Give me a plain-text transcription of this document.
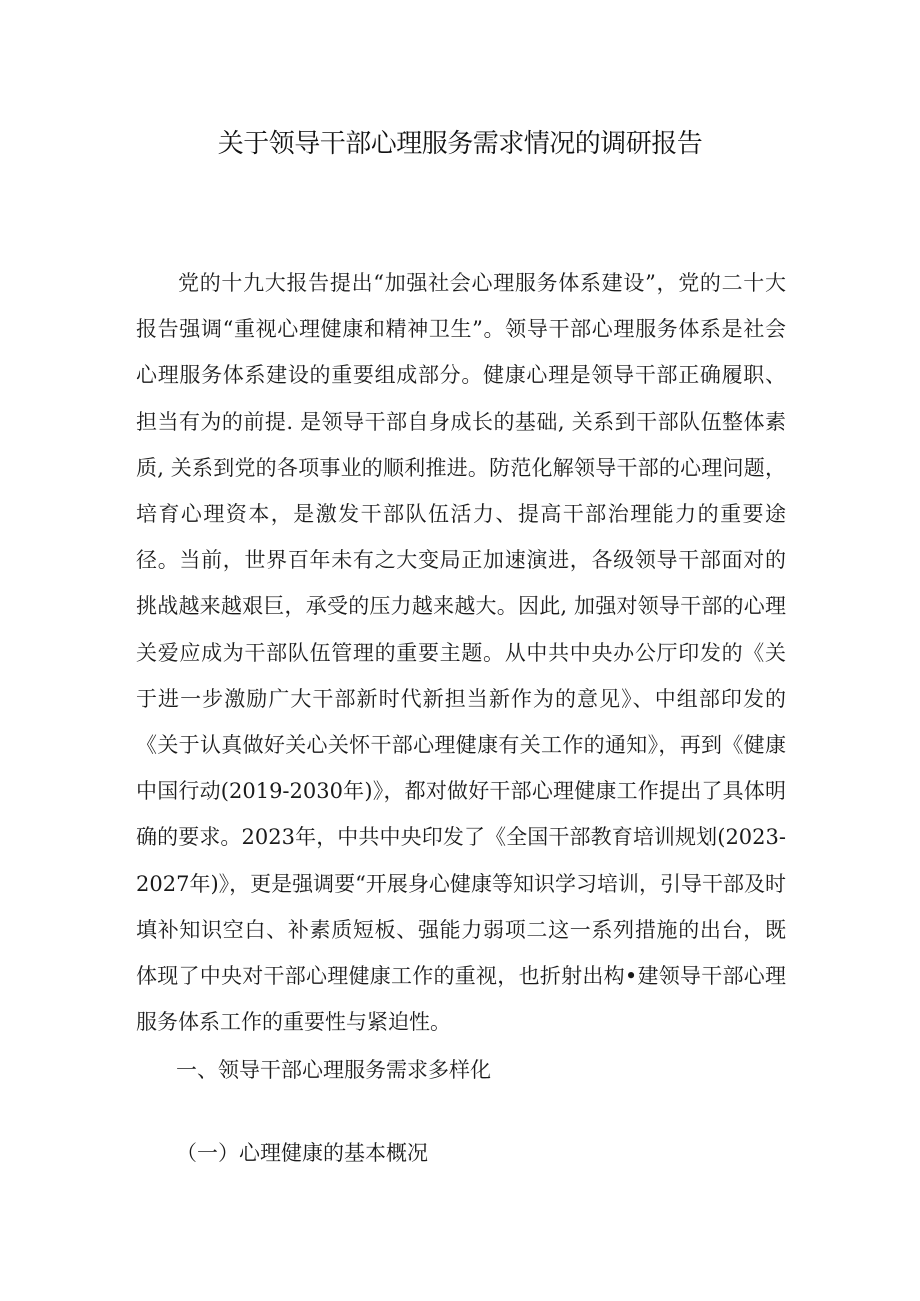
关于领导干部心理服务需求情况的调研报告

党的十九大报告提出“加强社会心理服务体系建设”，党的二十大报告强调“重视心理健康和精神卫生”。领导干部心理服务体系是社会心理服务体系建设的重要组成部分。健康心理是领导干部正确履职、担当有为的前提. 是领导干部自身成长的基础, 关系到干部队伍整体素质, 关系到党的各项事业的顺利推进。防范化解领导干部的心理问题，培育心理资本，是激发干部队伍活力、提高干部治理能力的重要途径。当前，世界百年未有之大变局正加速演进，各级领导干部面对的挑战越来越艰巨，承受的压力越来越大。因此, 加强对领导干部的心理关爱应成为干部队伍管理的重要主题。从中共中央办公厅印发的《关于进一步激励广大干部新时代新担当新作为的意见》、中组部印发的《关于认真做好关心关怀干部心理健康有关工作的通知》，再到《健康中国行动(2019-2030年)》，都对做好干部心理健康工作提出了具体明确的要求。2023年，中共中央印发了《全国干部教育培训规划(2023-2027年)》，更是强调要“开展身心健康等知识学习培训，引导干部及时填补知识空白、补素质短板、强能力弱项二这一系列措施的出台，既体现了中央对干部心理健康工作的重视，也折射出构•建领导干部心理服务体系工作的重要性与紧迫性。

一、领导干部心理服务需求多样化
（一）心理健康的基本概况
